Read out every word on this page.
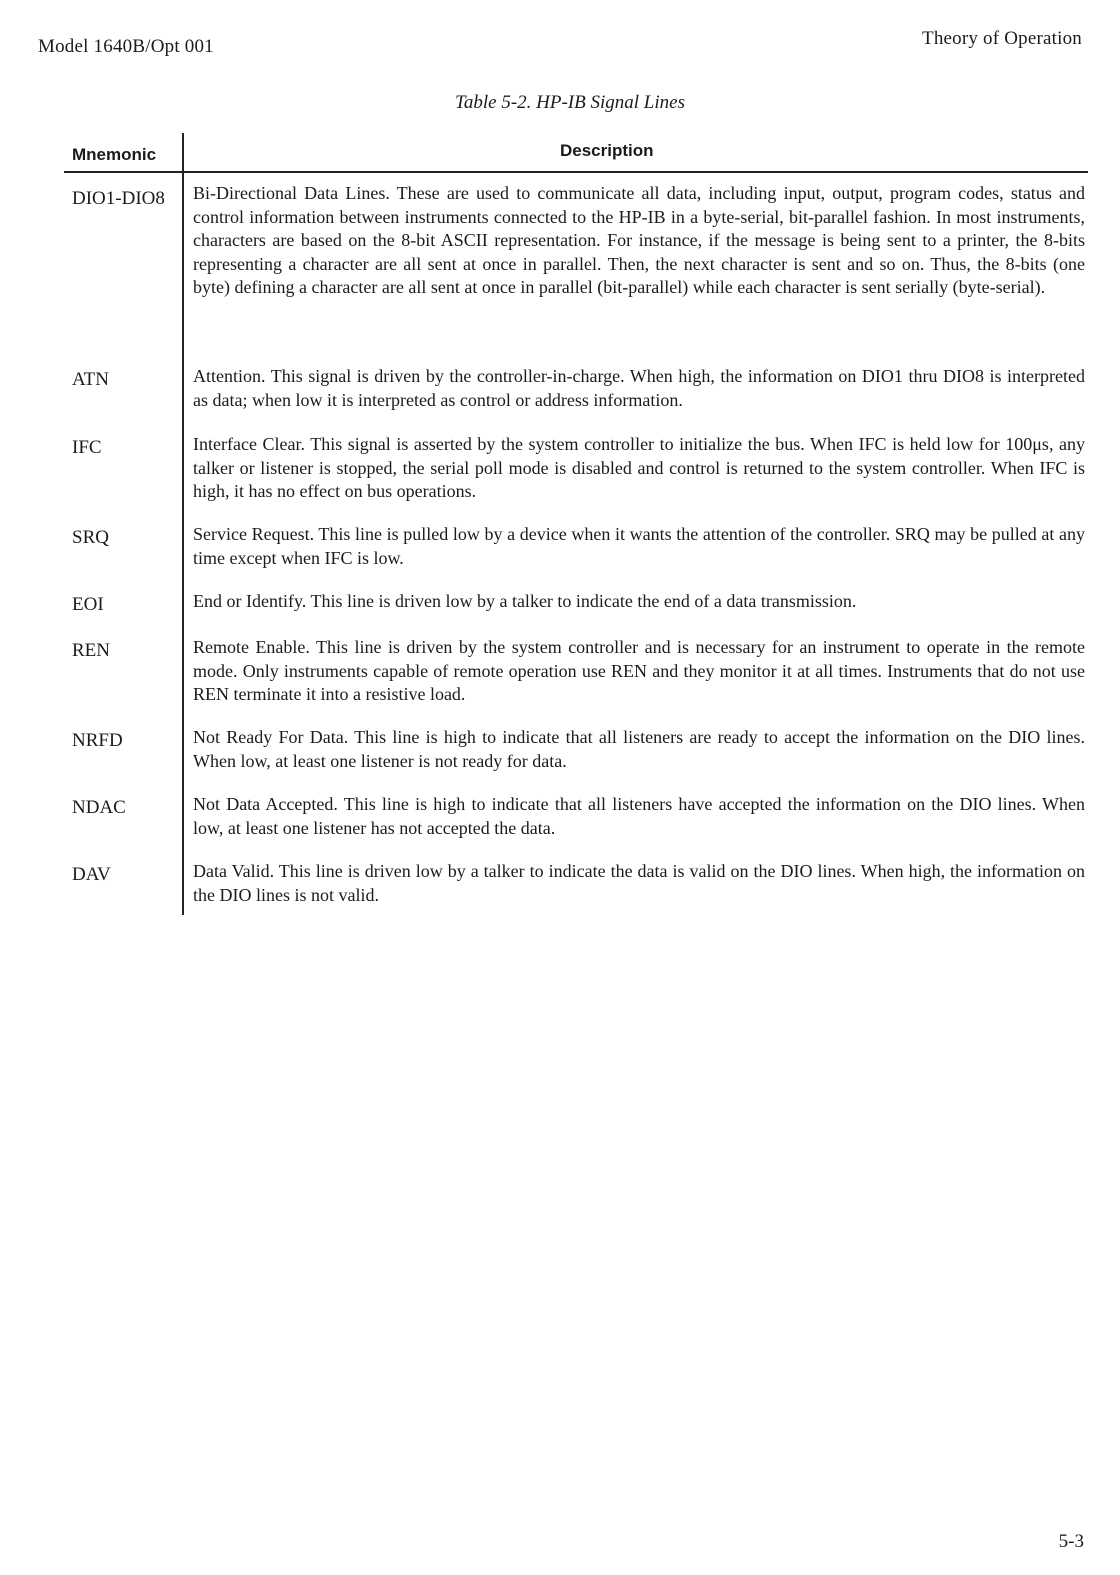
Model 1640B/Opt 001	Theory of Operation
Table 5-2. HP-IB Signal Lines
Mnemonic	Description
DIO1-DIO8 Bi-Directional Data Lines. These are used to communicate all data, including input, output, program codes, status and control information between instruments connected to the HP-IB in a byte-serial, bit-parallel fashion. In most instruments, characters are based on the 8-bit ASCII representation. For instance, if the message is being sent to a printer, the 8-bits representing a character are all sent at once in parallel. Then, the next character is sent and so on. Thus, the 8-bits (one byte) defining a character are all sent at once in parallel (bit-parallel) while each character is sent serially (byte-serial).
ATN	Attention. This signal is driven by the controller-in-charge. When high, the information on DIO1 thru DIO8 is interpreted as data; when low it is interpreted as control or address information.
IFC	Interface Clear. This signal is asserted by the system controller to initialize the bus. When IFC is held low for 100μs, any talker or listener is stopped, the serial poll mode is disabled and control is returned to the system controller. When IFC is high, it has no effect on bus operations.
SRQ	Service Request. This line is pulled low by a device when it wants the attention of the controller. SRQ may be pulled at any time except when IFC is low.
EOI	End or Identify. This line is driven low by a talker to indicate the end of a data transmission.
REN	Remote Enable. This line is driven by the system controller and is necessary for an instrument to operate in the remote mode. Only instruments capable of remote operation use REN and they monitor it at all times. Instruments that do not use REN terminate it into a resistive load.
NRFD	Not Ready For Data. This line is high to indicate that all listeners are ready to accept the information on the DIO lines. When low, at least one listener is not ready for data.
NDAC	Not Data Accepted. This line is high to indicate that all listeners have accepted the information on the DIO lines. When low, at least one listener has not accepted the data.
DAV	Data Valid. This line is driven low by a talker to indicate the data is valid on the DIO lines. When high, the information on the DIO lines is not valid.
5-3
